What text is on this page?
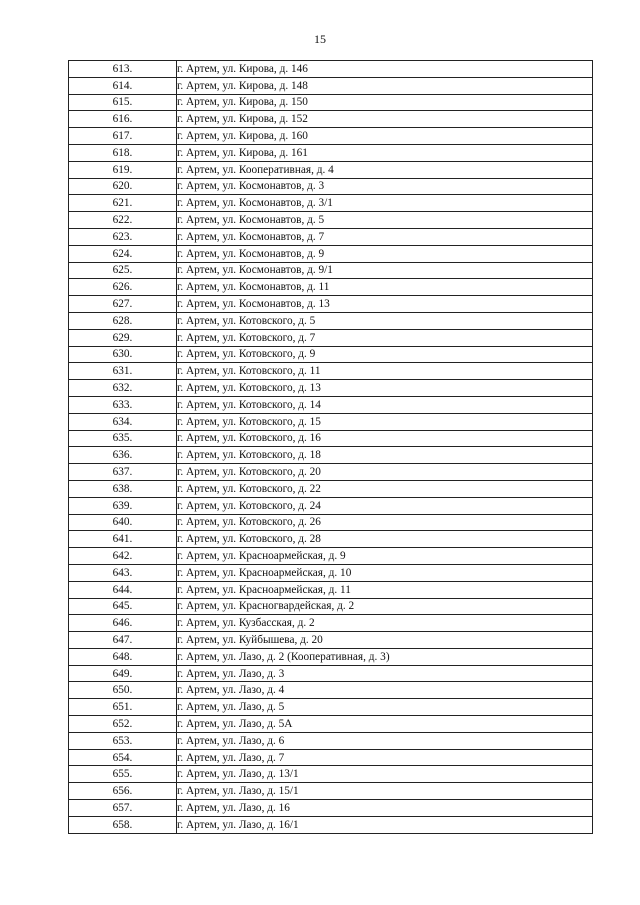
15
613.	г. Артем, ул. Кирова, д. 146
614.	г. Артем, ул. Кирова, д. 148
615.	г. Артем, ул. Кирова, д. 150
616.	г. Артем, ул. Кирова, д. 152
617.	г. Артем, ул. Кирова, д. 160
618.	г. Артем, ул. Кирова, д. 161
619.	г. Артем, ул. Кооперативная, д. 4
620.	г. Артем, ул. Космонавтов, д. 3
621.	г. Артем, ул. Космонавтов, д. 3/1
622.	г. Артем, ул. Космонавтов, д. 5
623.	г. Артем, ул. Космонавтов, д. 7
624.	г. Артем, ул. Космонавтов, д. 9
625.	г. Артем, ул. Космонавтов, д. 9/1
626.	г. Артем, ул. Космонавтов, д. 11
627.	г. Артем, ул. Космонавтов, д. 13
628.	г. Артем, ул. Котовского, д. 5
629.	г. Артем, ул. Котовского, д. 7
630.	г. Артем, ул. Котовского, д. 9
631.	г. Артем, ул. Котовского, д. 11
632.	г. Артем, ул. Котовского, д. 13
633.	г. Артем, ул. Котовского, д. 14
634.	г. Артем, ул. Котовского, д. 15
635.	г. Артем, ул. Котовского, д. 16
636.	г. Артем, ул. Котовского, д. 18
637.	г. Артем, ул. Котовского, д. 20
638.	г. Артем, ул. Котовского, д. 22
639.	г. Артем, ул. Котовского, д. 24
640.	г. Артем, ул. Котовского, д. 26
641.	г. Артем, ул. Котовского, д. 28
642.	г. Артем, ул. Красноармейская, д. 9
643.	г. Артем, ул. Красноармейская, д. 10
644.	г. Артем, ул. Красноармейская, д. 11
645.	г. Артем, ул. Красногвардейская, д. 2
646.	г. Артем, ул. Кузбасская, д. 2
647.	г. Артем, ул. Куйбышева, д. 20
648.	г. Артем, ул. Лазо, д. 2 (Кооперативная, д. 3)
649.	г. Артем, ул. Лазо, д. 3
650.	г. Артем, ул. Лазо, д. 4
651.	г. Артем, ул. Лазо, д. 5
652.	г. Артем, ул. Лазо, д. 5А
653.	г. Артем, ул. Лазо, д. 6
654.	г. Артем, ул. Лазо, д. 7
655.	г. Артем, ул. Лазо, д. 13/1
656.	г. Артем, ул. Лазо, д. 15/1
657.	г. Артем, ул. Лазо, д. 16
658.	г. Артем, ул. Лазо, д. 16/1
